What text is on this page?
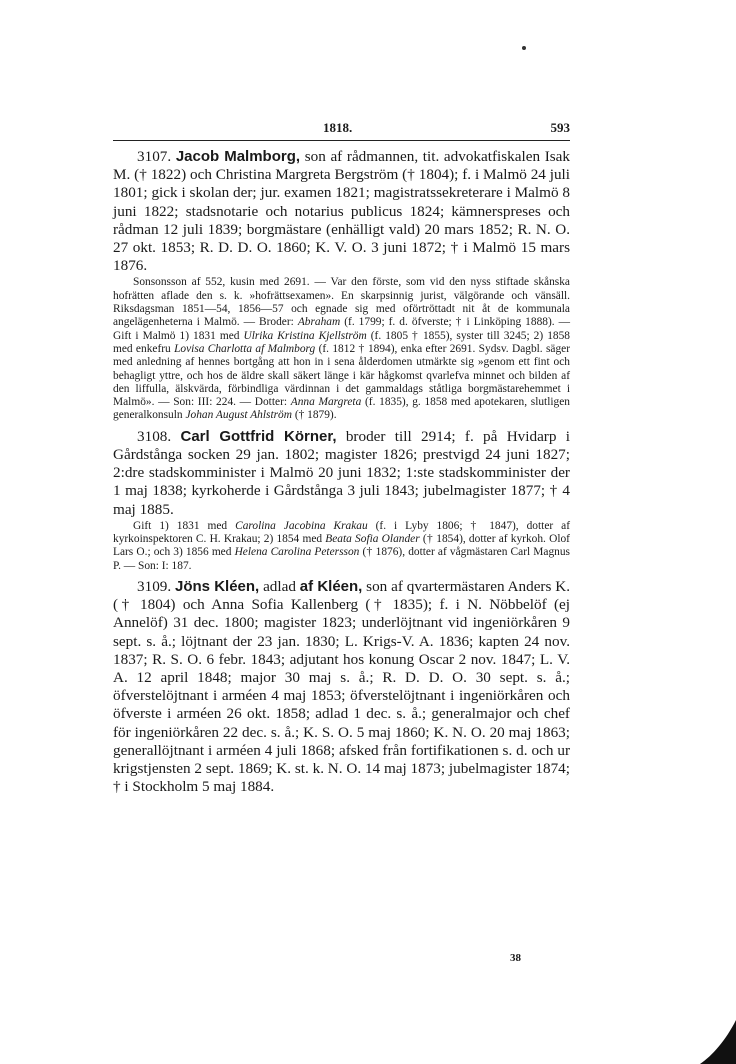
1818.	593

3107. Jacob Malmborg, son af rådmannen, tit. advokatfiskalen Isak M. († 1822) och Christina Margreta Bergström († 1804); f. i Malmö 24 juli 1801; gick i skolan der; jur. examen 1821; magistratssekreterare i Malmö 8 juni 1822; stadsnotarie och notarius publicus 1824; kämnerspreses och rådman 12 juli 1839; borgmästare (enhälligt vald) 20 mars 1852; R. N. O. 27 okt. 1853; R. D. D. O. 1860; K. V. O. 3 juni 1872; † i Malmö 15 mars 1876.

Sonsonsson af 552, kusin med 2691. — Var den förste, som vid den nyss stiftade skånska hofrätten aflade den s. k. »hofrättsexamen». En skarpsinnig jurist, välgörande och vänsäll. Riksdagsman 1851—54, 1856—57 och egnade sig med oförtröttadt nit åt de kommunala angelägenheterna i Malmö. — Broder: Abraham (f. 1799; f. d. öfverste; † i Linköping 1888). — Gift i Malmö 1) 1831 med Ulrika Kristina Kjellström (f. 1805 † 1855), syster till 3245; 2) 1858 med enkefru Lovisa Charlotta af Malmborg (f. 1812 † 1894), enka efter 2691. Sydsv. Dagbl. säger med anledning af hennes bortgång att hon in i sena ålderdomen utmärkte sig »genom ett fint och behagligt yttre, och hos de äldre skall säkert länge i kär hågkomst qvarlefva minnet och bilden af den liffulla, älskvärda, förbindliga värdinnan i det gammaldags ståtliga borgmästarehemmet i Malmö». — Son: III: 224. — Dotter: Anna Margreta (f. 1835), g. 1858 med apotekaren, slutligen generalkonsuln Johan August Ahlström († 1879).

3108. Carl Gottfrid Körner, broder till 2914; f. på Hvidarp i Gårdstånga socken 29 jan. 1802; magister 1826; prestvigd 24 juni 1827; 2:dre stadskomminister i Malmö 20 juni 1832; 1:ste stadskomminister der 1 maj 1838; kyrkoherde i Gårdstånga 3 juli 1843; jubelmagister 1877; † 4 maj 1885.

Gift 1) 1831 med Carolina Jacobina Krakau (f. i Lyby 1806; † 1847), dotter af kyrkoinspektoren C. H. Krakau; 2) 1854 med Beata Sofia Olander († 1854), dotter af kyrkoh. Olof Lars O.; och 3) 1856 med Helena Carolina Petersson († 1876), dotter af vågmästaren Carl Magnus P. — Son: I: 187.

3109. Jöns Kléen, adlad af Kléen, son af qvartermästaren Anders K. († 1804) och Anna Sofia Kallenberg († 1835); f. i N. Nöbbelöf (ej Annelöf) 31 dec. 1800; magister 1823; underlöjtnant vid ingeniörkåren 9 sept. s. å.; löjtnant der 23 jan. 1830; L. Krigs-V. A. 1836; kapten 24 nov. 1837; R. S. O. 6 febr. 1843; adjutant hos konung Oscar 2 nov. 1847; L. V. A. 12 april 1848; major 30 maj s. å.; R. D. D. O. 30 sept. s. å.; öfverstelöjtnant i arméen 4 maj 1853; öfverstelöjtnant i ingeniörkåren och öfverste i arméen 26 okt. 1858; adlad 1 dec. s. å.; generalmajor och chef för ingeniörkåren 22 dec. s. å.; K. S. O. 5 maj 1860; K. N. O. 20 maj 1863; generallöjtnant i arméen 4 juli 1868; afsked från fortifikationen s. d. och ur krigstjensten 2 sept. 1869; K. st. k. N. O. 14 maj 1873; jubelmagister 1874; † i Stockholm 5 maj 1884.

38
